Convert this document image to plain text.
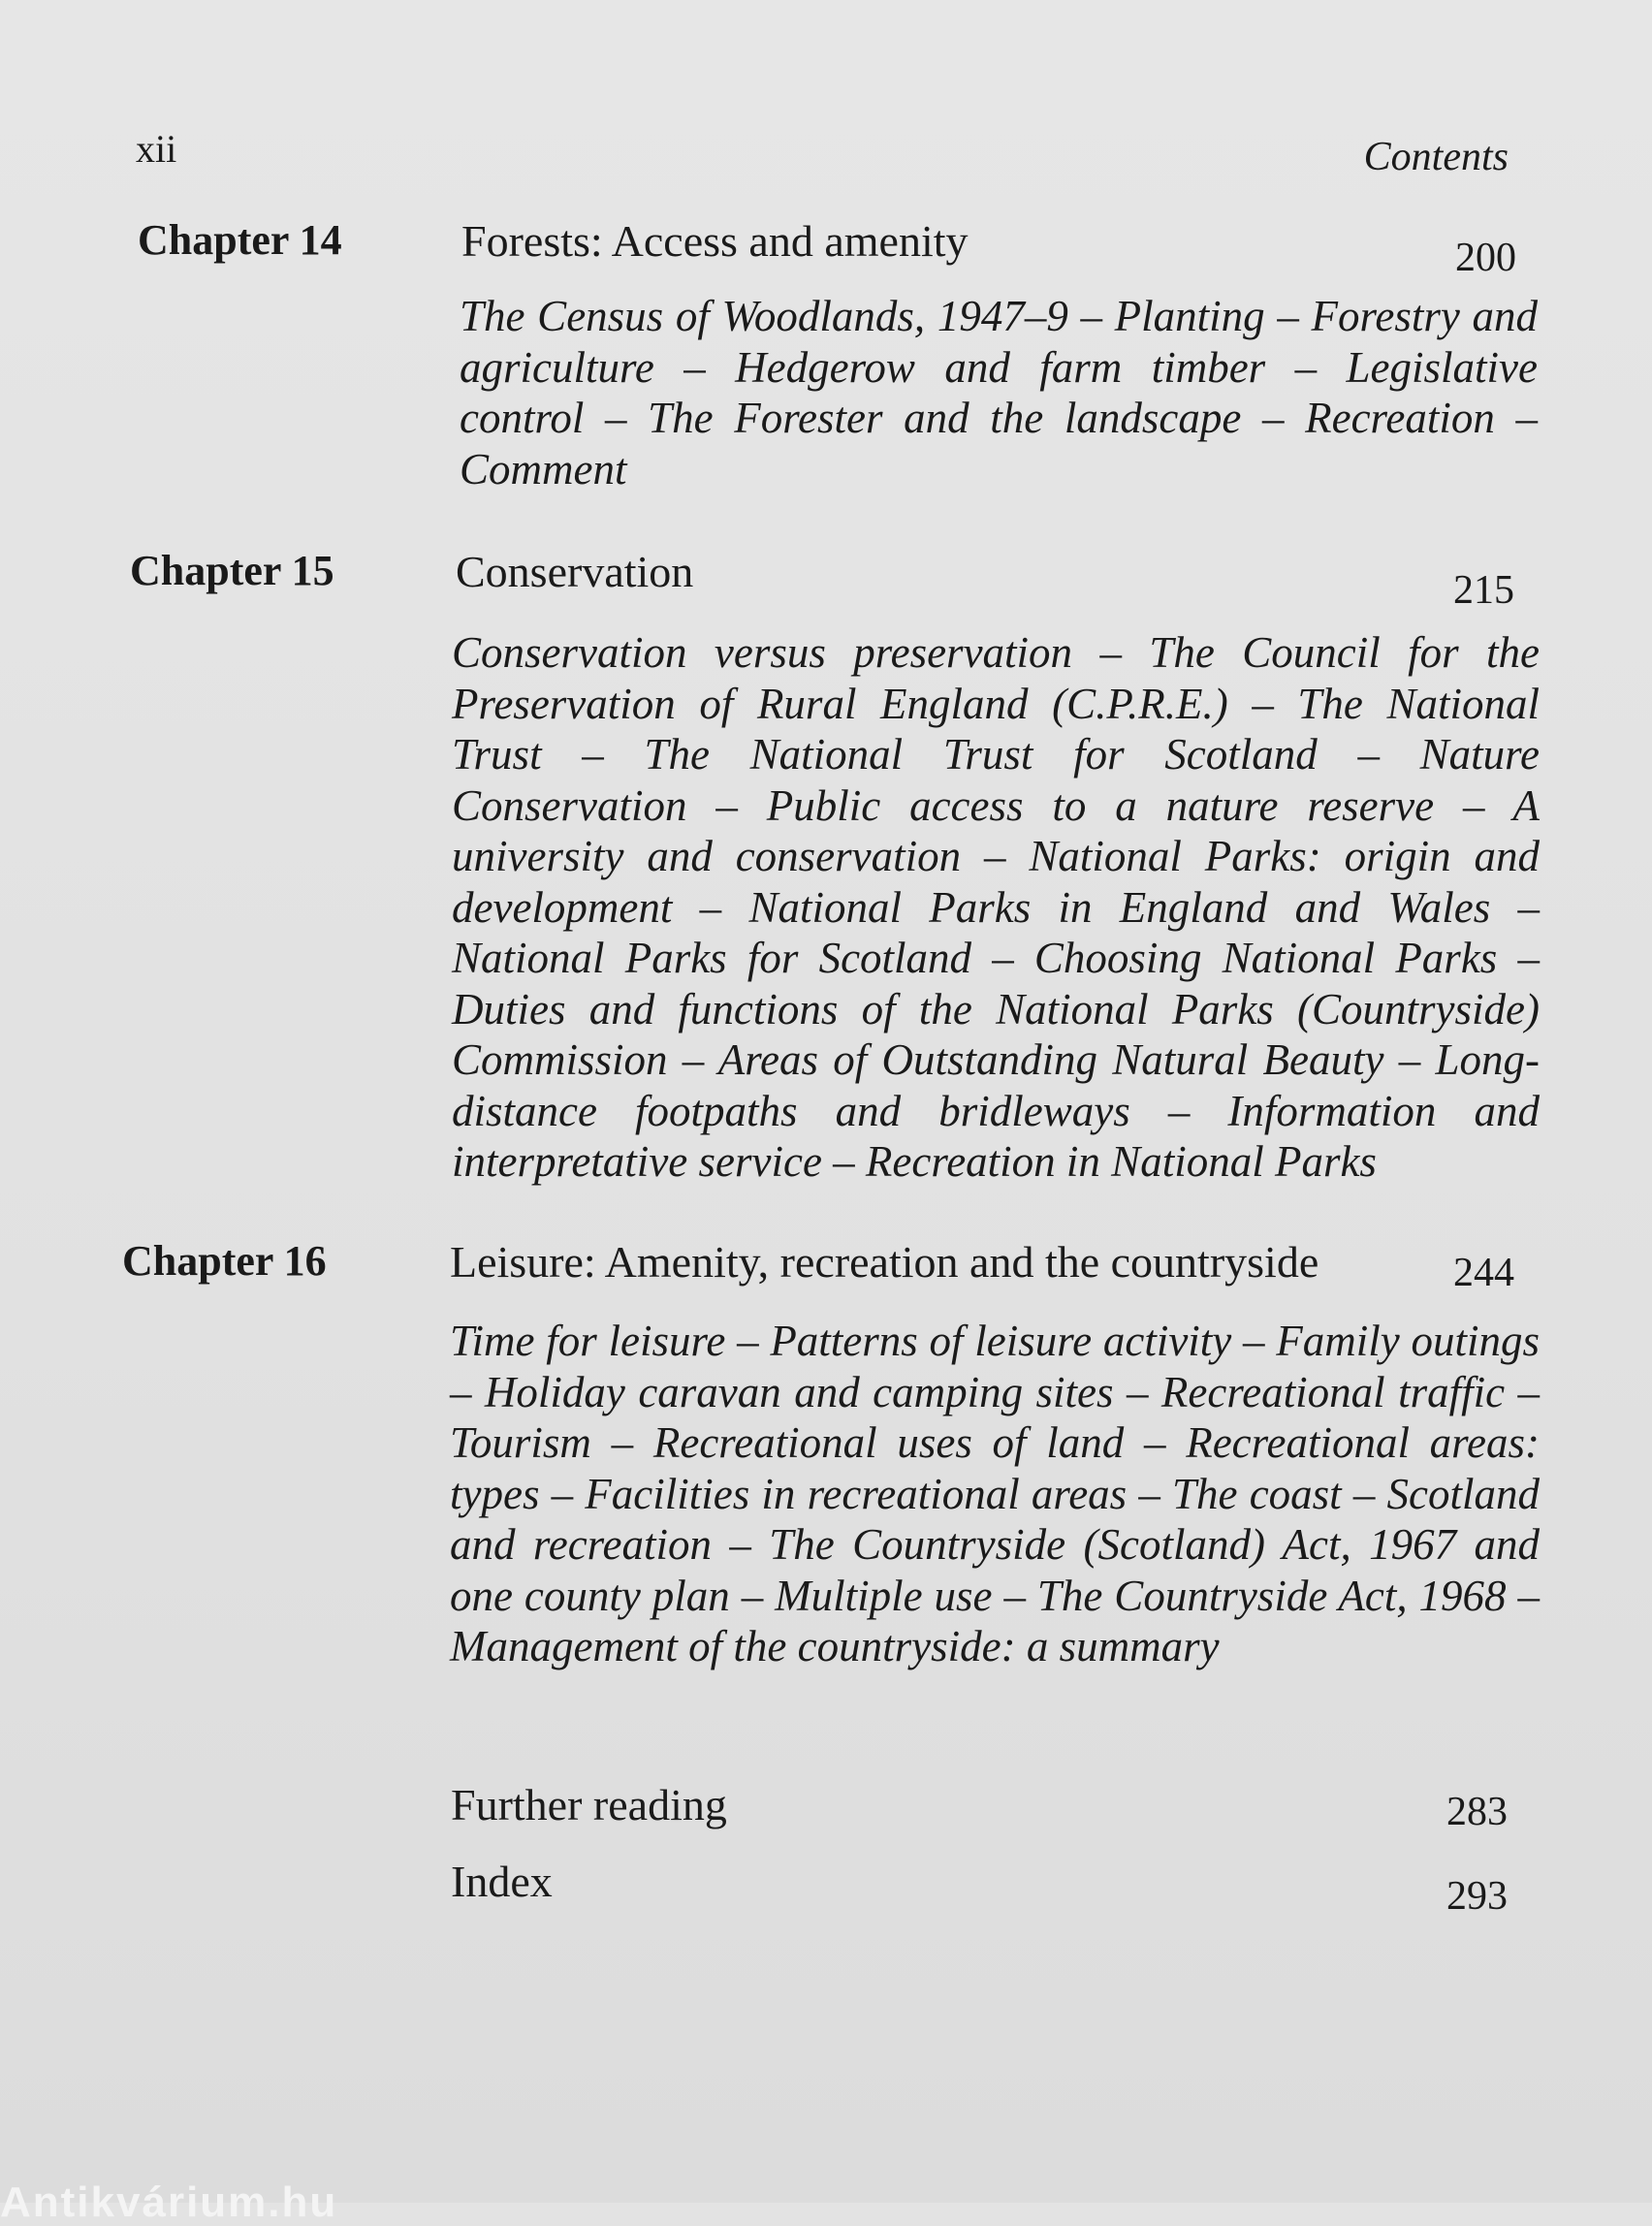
xii	Contents
Chapter 14	Forests: Access and amenity	200
The Census of Woodlands, 1947–9 – Planting – Forestry and agriculture – Hedgerow and farm timber – Legislative control – The Forester and the landscape – Recreation – Comment
Chapter 15	Conservation	215
Conservation versus preservation – The Council for the Preservation of Rural England (C.P.R.E.) – The National Trust – The National Trust for Scotland – Nature Conservation – Public access to a nature reserve – A university and conservation – National Parks: origin and development – National Parks in England and Wales – National Parks for Scotland – Choosing National Parks – Duties and functions of the National Parks (Countryside) Commission – Areas of Outstanding Natural Beauty – Long-distance footpaths and bridleways – Information and interpretative service – Recreation in National Parks
Chapter 16	Leisure: Amenity, recreation and the countryside	244
Time for leisure – Patterns of leisure activity – Family outings – Holiday caravan and camping sites – Recreational traffic – Tourism – Recreational uses of land – Recreational areas: types – Facilities in recreational areas – The coast – Scotland and recreation – The Countryside (Scotland) Act, 1967 and one county plan – Multiple use – The Countryside Act, 1968 – Management of the countryside: a summary
Further reading	283
Index	293
Antikvárium.hu
